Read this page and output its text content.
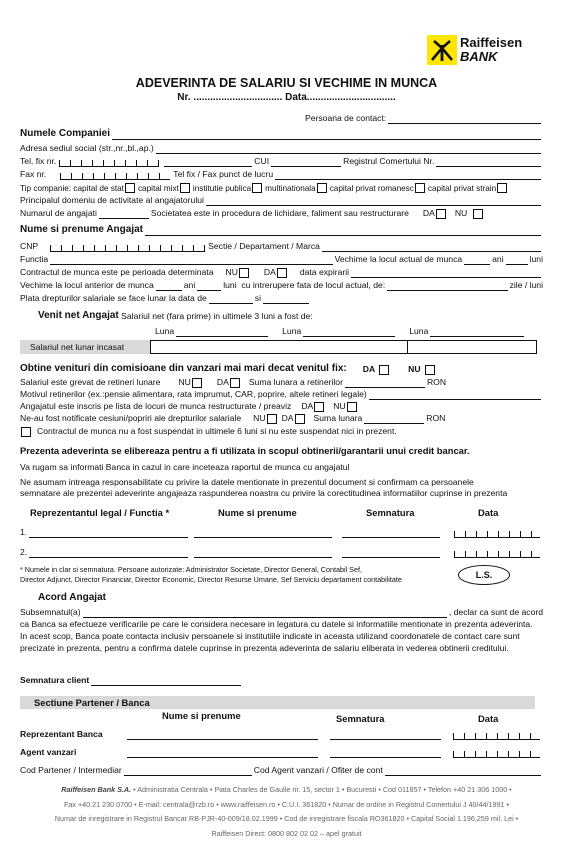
Raiffeisen
BANK
ADEVERINTA DE SALARIU SI VECHIME IN MUNCA
Nr. ................................ Data................................
Persoana de contact:
Numele Companiei
Adresa sediul social (str.,nr.,bl.,ap.)
Tel. fix nr.	CUI	Registrul Comertului Nr.
Fax nr.	Tel fix / Fax punct de lucru
Tip companie:
capital de stat capital mixt institutie publica multinationala capital privat romanesc capital privat strain
Principalul domeniu de activitate al angajatorului
Numarul de angajati	Societatea este in procedura de lichidare, faliment sau restructurare DA NU
Nume si prenume Angajat
CNP	Sectie / Departament / Marca
Functia	Vechime la locul actual de munca	ani	luni
Contractul de munca este pe perioada determinata NU	DA	data expirarii
Vechime la locul anterior de munca	ani	luni
cu intrerupere fata de locul actual, de:	zile / luni
Plata drepturilor salariale se face lunar la data de	si
Venit net Angajat
Salariul net (fara prime) in ultimele 3 luni a fost de:
Luna	Luna	Luna
Salariul net lunar incasat
Obtine venituri din comisioane din vanzari mai mari decat venitul fix: DA	NU
Salariul este grevat de retineri lunare NU	DA Suma lunara a retinerilor	RON
Motivul retinerilor (ex.:pensie alimentara, rata imprumut, CAR, poprire, altele retineri legale)
Angajatul este inscris pe lista de locuri de munca restructurate / preaviz DA NU
Ne-au fost notificate cesiuni/popriri ale drepturilor salariale NU DA Suma lunara	RON
Contractul de munca nu a fost suspendat in ultimele 6 luni si nu este suspendat nici in prezent.
Prezenta adeverinta se elibereaza pentru a fi utilizata in scopul obtinerii/garantarii unui credit bancar.
Va rugam sa informati Banca in cazul in care inceteaza raportul de munca cu angajatul
Ne asumam intreaga responsabilitate cu privire la datele mentionate in prezentul document si confirmam ca persoanele
semnatare ale prezentei adeverinte angajeaza raspunderea noastra cu privire la corectitudinea informatiilor cuprinse in prezenta
Reprezentantul legal / Functia *	Nume si prenume	Semnatura	Data
1.
2.
* Numele in clar si semnatura. Persoane autorizate: Administrator Societate, Director General, Contabil Sef,
Director Adjunct, Director Financiar, Director Economic, Director Resurse Umane, Sef Serviciu departament contabilitate	L.S.
Acord Angajat
Subsemnatul(a)	, declar ca sunt de acord
ca Banca sa efectueze verificarile pe care le considera necesare in legatura cu datele si informatiile mentionate in prezenta adeverinta.
In acest scop, Banca poate contacta inclusiv persoanele si institutiile indicate in aceasta utilizand coordonatele de contact care sunt
precizate in prezenta, pentru a confirma datele cuprinse in prezenta adeverinta de salariu eliberata in vederea obtinerii creditului.
Semnatura client
Sectiune Partener / Banca
Nume si prenume	Semnatura	Data
Reprezentant Banca
Agent vanzari
Cod Partener / Intermediar	Cod Agent vanzari / Ofiter de cont
Raiffeisen Bank S.A. • Administratia Centrala • Piata Charles de Gaulle nr. 15, sector 1 • Bucuresti • Cod 011857 • Telefon +40 21 306 1000 •
Fax +40 21 230 0700 • E-mail: centrala@rzb.ro • www.raiffeisen.ro • C.U.I. 361820 • Numar de ordine in Registrul Comertului J 40/44/1991 •
Numar de inregistrare in Registrul Bancar RB-PJR-40-009/18.02.1999 • Cod de inregistrare fiscala RO361820 • Capital Social 1.196,259 mil. Lei •
Raiffeisen Direct: 0800 802 02 02 – apel gratuit
